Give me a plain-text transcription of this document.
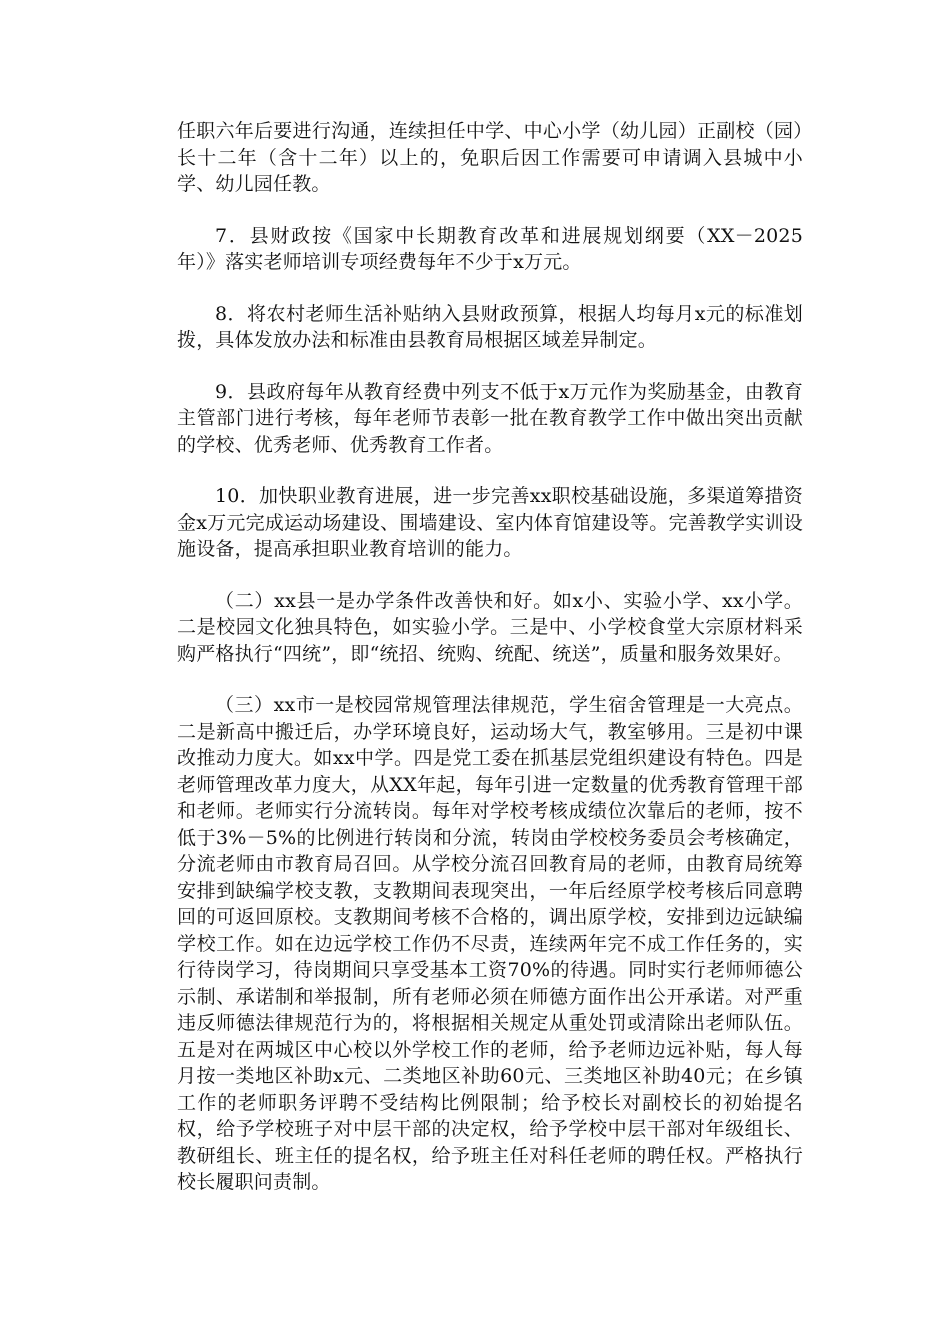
任职六年后要进行沟通，连续担任中学、中心小学（幼儿园）正副校（园）长十二年（含十二年）以上的，免职后因工作需要可申请调入县城中小学、幼儿园任教。

7．县财政按《国家中长期教育改革和进展规划纲要（XX－2025年）》落实老师培训专项经费每年不少于x万元。

8．将农村老师生活补贴纳入县财政预算，根据人均每月x元的标准划拨，具体发放办法和标准由县教育局根据区域差异制定。

9．县政府每年从教育经费中列支不低于x万元作为奖励基金，由教育主管部门进行考核，每年老师节表彰一批在教育教学工作中做出突出贡献的学校、优秀老师、优秀教育工作者。

10．加快职业教育进展，进一步完善xx职校基础设施，多渠道筹措资金x万元完成运动场建设、围墙建设、室内体育馆建设等。完善教学实训设施设备，提高承担职业教育培训的能力。

（二）xx县一是办学条件改善快和好。如x小、实验小学、xx小学。二是校园文化独具特色，如实验小学。三是中、小学校食堂大宗原材料采购严格执行“四统”，即“统招、统购、统配、统送”，质量和服务效果好。

（三）xx市一是校园常规管理法律规范，学生宿舍管理是一大亮点。二是新高中搬迁后，办学环境良好，运动场大气，教室够用。三是初中课改推动力度大。如xx中学。四是党工委在抓基层党组织建设有特色。四是老师管理改革力度大，从XX年起，每年引进一定数量的优秀教育管理干部和老师。老师实行分流转岗。每年对学校考核成绩位次靠后的老师，按不低于3%－5%的比例进行转岗和分流，转岗由学校校务委员会考核确定，分流老师由市教育局召回。从学校分流召回教育局的老师，由教育局统筹安排到缺编学校支教，支教期间表现突出，一年后经原学校考核后同意聘回的可返回原校。支教期间考核不合格的，调出原学校，安排到边远缺编学校工作。如在边远学校工作仍不尽责，连续两年完不成工作任务的，实行待岗学习，待岗期间只享受基本工资70%的待遇。同时实行老师师德公示制、承诺制和举报制，所有老师必须在师德方面作出公开承诺。对严重违反师德法律规范行为的，将根据相关规定从重处罚或清除出老师队伍。五是对在两城区中心校以外学校工作的老师，给予老师边远补贴，每人每月按一类地区补助x元、二类地区补助60元、三类地区补助40元；在乡镇工作的老师职务评聘不受结构比例限制；给予校长对副校长的初始提名权，给予学校班子对中层干部的决定权，给予学校中层干部对年级组长、教研组长、班主任的提名权，给予班主任对科任老师的聘任权。严格执行校长履职问责制。
